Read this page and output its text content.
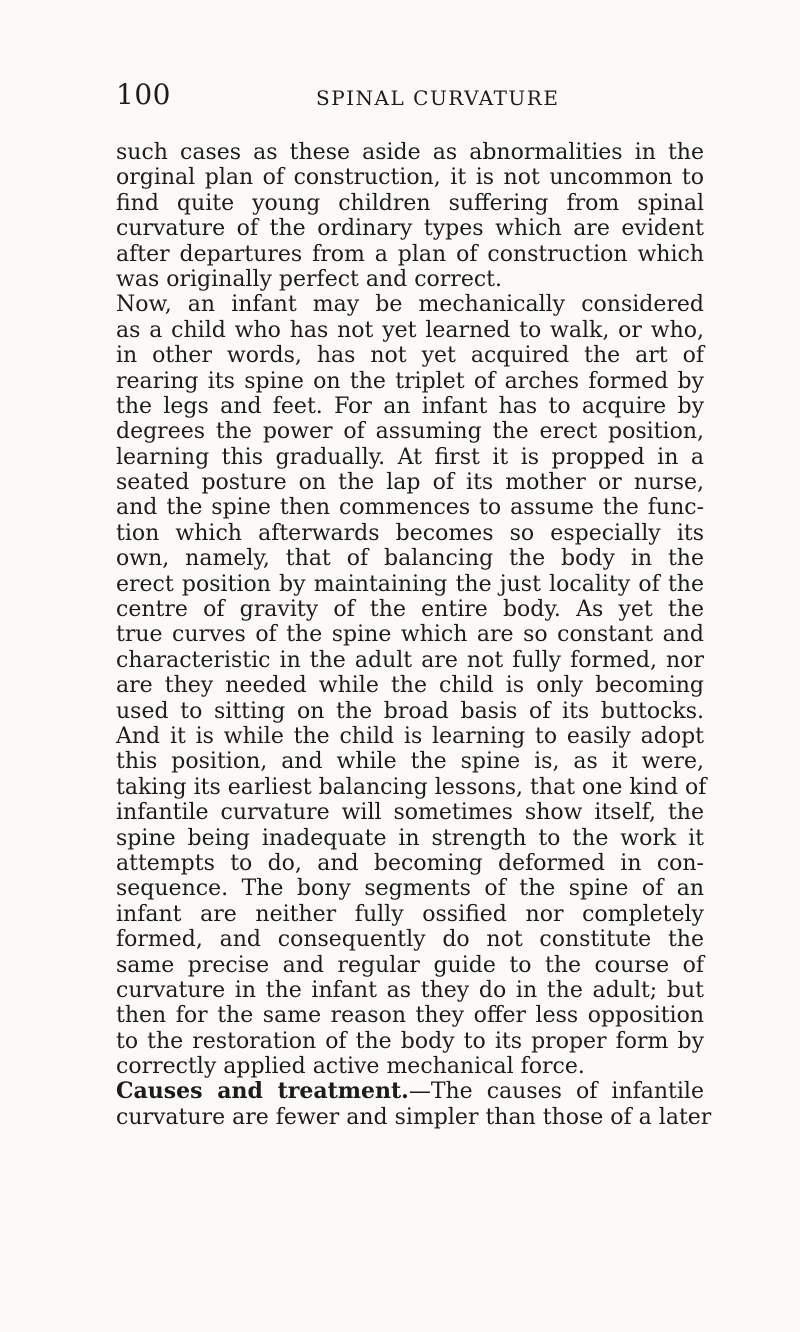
100	SPINAL CURVATURE
such cases as these aside as abnormalities in the
orginal plan of construction, it is not uncommon to
find quite young children suffering from spinal
curvature of the ordinary types which are evident
after departures from a plan of construction which
was originally perfect and correct.
Now, an infant may be mechanically considered
as a child who has not yet learned to walk, or who,
in other words, has not yet acquired the art of
rearing its spine on the triplet of arches formed by
the legs and feet. For an infant has to acquire by
degrees the power of assuming the erect position,
learning this gradually. At first it is propped in a
seated posture on the lap of its mother or nurse,
and the spine then commences to assume the func-
tion which afterwards becomes so especially its
own, namely, that of balancing the body in the
erect position by maintaining the just locality of the
centre of gravity of the entire body. As yet the
true curves of the spine which are so constant and
characteristic in the adult are not fully formed, nor
are they needed while the child is only becoming
used to sitting on the broad basis of its buttocks.
And it is while the child is learning to easily adopt
this position, and while the spine is, as it were,
taking its earliest balancing lessons, that one kind of
infantile curvature will sometimes show itself, the
spine being inadequate in strength to the work it
attempts to do, and becoming deformed in con-
sequence. The bony segments of the spine of an
infant are neither fully ossified nor completely
formed, and consequently do not constitute the
same precise and regular guide to the course of
curvature in the infant as they do in the adult; but
then for the same reason they offer less opposition
to the restoration of the body to its proper form by
correctly applied active mechanical force.
Causes and treatment.—The causes of infantile
curvature are fewer and simpler than those of a later
